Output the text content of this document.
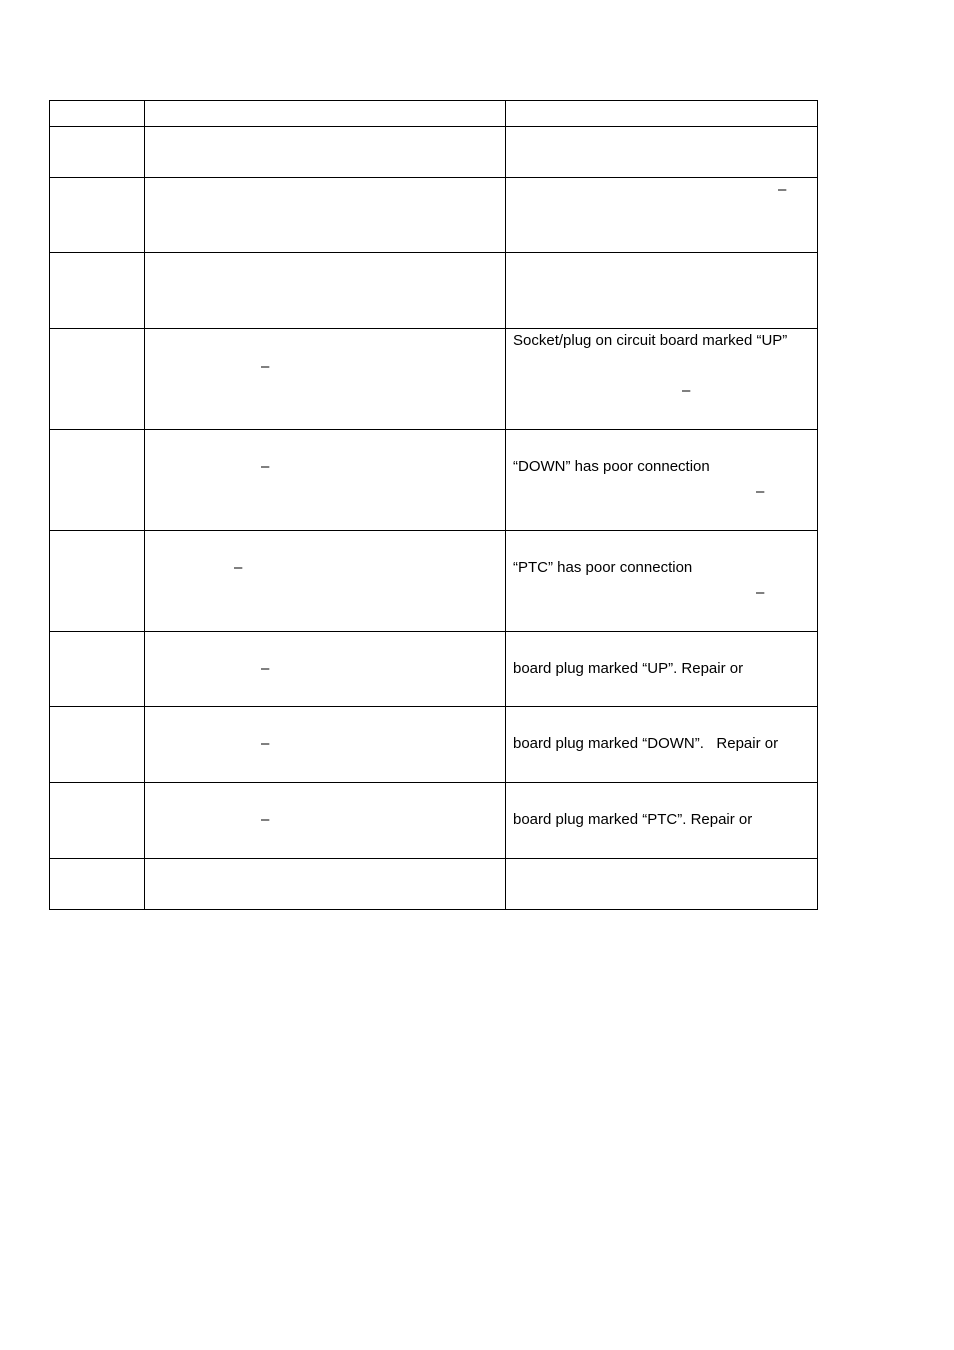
		–

	–	Socket/plug on circuit board marked “UP”
–

	–	“DOWN” has poor connection
–

	–	“PTC” has poor connection
–

	–	board plug marked “UP”. Repair or

	–	board plug marked “DOWN”.   Repair or

	–	board plug marked “PTC”. Repair or
